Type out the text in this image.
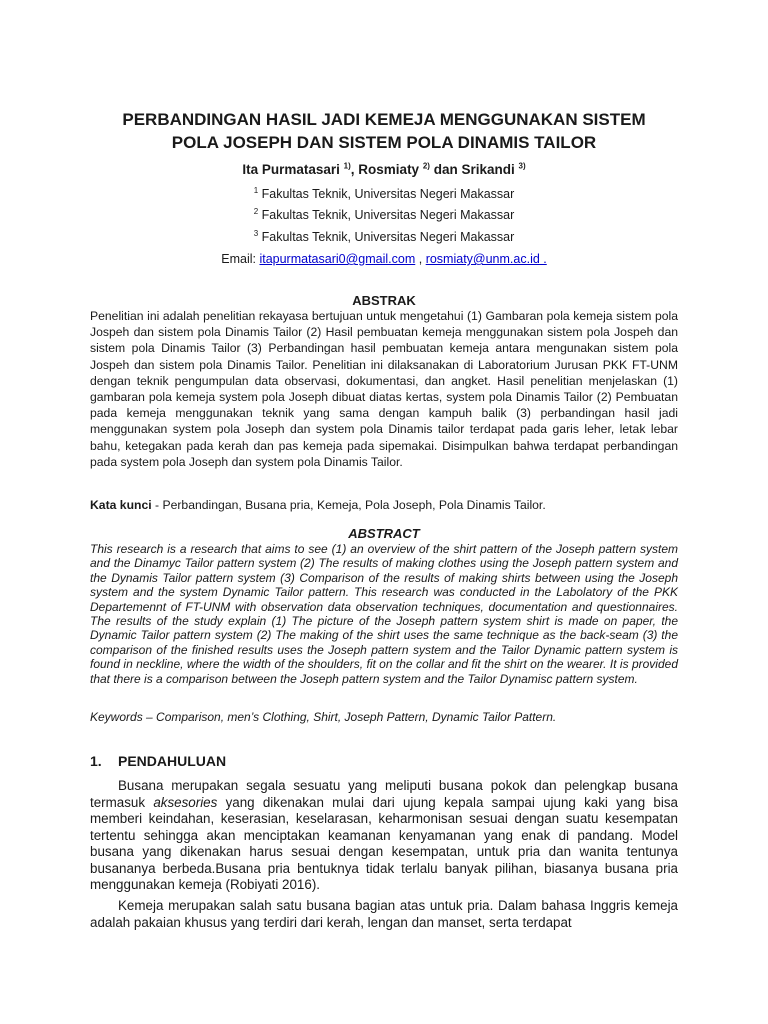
PERBANDINGAN HASIL JADI KEMEJA MENGGUNAKAN SISTEM
POLA JOSEPH DAN SISTEM POLA DINAMIS TAILOR
Ita Purmatasari $^{1)}$, Rosmiaty $^{2)}$ dan Srikandi $^{3)}$
$^1$ Fakultas Teknik, Universitas Negeri Makassar
$^2$ Fakultas Teknik, Universitas Negeri Makassar
$^3$ Fakultas Teknik, Universitas Negeri Makassar
Email: itapurmatasari0@gmail.com , rosmiaty@unm.ac.id .
ABSTRAK

Penelitian ini adalah penelitian rekayasa bertujuan untuk mengetahui (1) Gambaran pola kemeja sistem pola Jospeh dan sistem pola Dinamis Tailor (2) Hasil pembuatan kemeja menggunakan sistem pola Jospeh dan sistem pola Dinamis Tailor (3) Perbandingan hasil pembuatan kemeja antara mengunakan sistem pola Jospeh dan sistem pola Dinamis Tailor. Penelitian ini dilaksanakan di Laboratorium Jurusan PKK FT-UNM dengan teknik pengumpulan data observasi, dokumentasi, dan angket. Hasil penelitian menjelaskan (1) gambaran pola kemeja system pola Joseph dibuat diatas kertas, system pola Dinamis Tailor (2) Pembuatan pada kemeja menggunakan teknik yang sama dengan kampuh balik (3) perbandingan hasil jadi menggunakan system pola Joseph dan system pola Dinamis tailor terdapat pada garis leher, letak lebar bahu, ketegakan pada kerah dan pas kemeja pada sipemakai. Disimpulkan bahwa terdapat perbandingan pada system pola Joseph dan system pola Dinamis Tailor.

Kata kunci - Perbandingan, Busana pria, Kemeja, Pola Joseph, Pola Dinamis Tailor.

ABSTRACT

This research is a research that aims to see (1) an overview of the shirt pattern of the Joseph pattern system and the Dinamyc Tailor pattern system (2) The results of making clothes using the Joseph pattern system and the Dynamis Tailor pattern system (3) Comparison of the results of making shirts between using the Joseph system and the system Dynamic Tailor pattern. This research was conducted in the Labolatory of the PKK Departemennt of FT-UNM with observation data observation techniques, documentation and questionnaires. The results of the study explain (1) The picture of the Joseph pattern system shirt is made on paper, the Dynamic Tailor pattern system (2) The making of the shirt uses the same technique as the back-seam (3) the comparison of the finished results uses the Joseph pattern system and the Tailor Dynamic pattern system is found in neckline, where the width of the shoulders, fit on the collar and fit the shirt on the wearer. It is provided that there is a comparison between the Joseph pattern system and the Tailor Dynamisc pattern system.

Keywords – Comparison, men’s Clothing, Shirt, Joseph Pattern, Dynamic Tailor Pattern.

1. PENDAHULUAN

Busana merupakan segala sesuatu yang meliputi busana pokok dan pelengkap busana termasuk aksesories yang dikenakan mulai dari ujung kepala sampai ujung kaki yang bisa memberi keindahan, keserasian, keselarasan, keharmonisan sesuai dengan suatu kesempatan tertentu sehingga akan menciptakan keamanan kenyamanan yang enak di pandang. Model busana yang dikenakan harus sesuai dengan kesempatan, untuk pria dan wanita tentunya busananya berbeda.Busana pria bentuknya tidak terlalu banyak pilihan, biasanya busana pria menggunakan kemeja (Robiyati 2016).

Kemeja merupakan salah satu busana bagian atas untuk pria. Dalam bahasa Inggris kemeja adalah pakaian khusus yang terdiri dari kerah, lengan dan manset, serta terdapat
